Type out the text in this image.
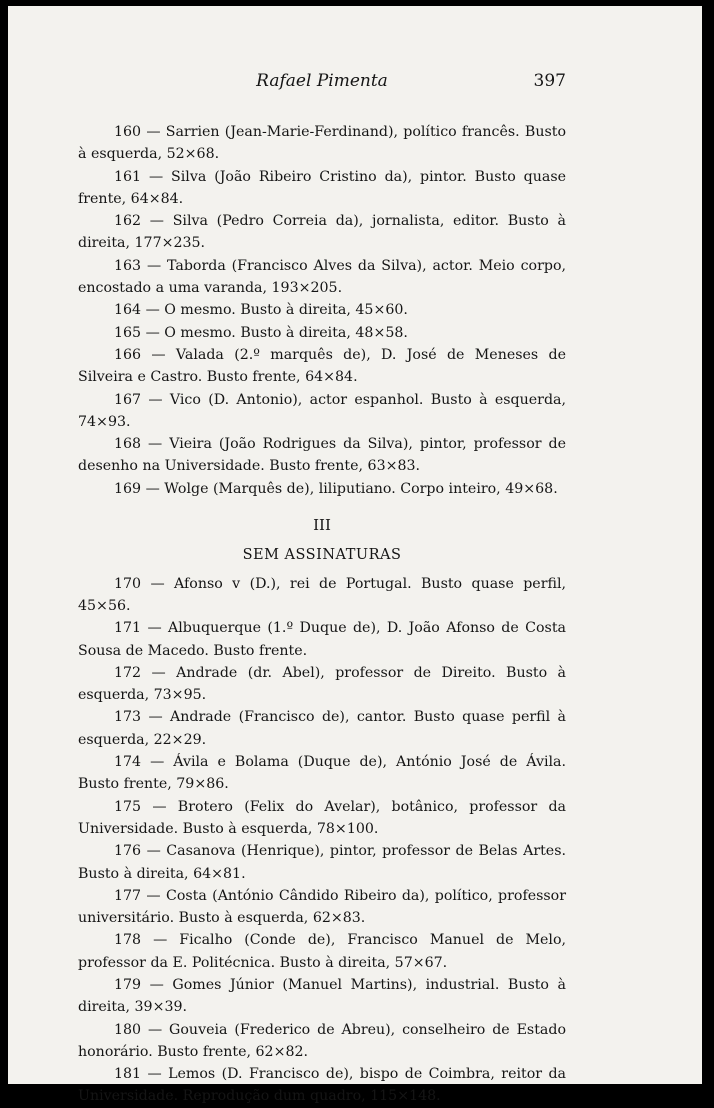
Rafael Pimenta	397

160 — Sarrien (Jean-Marie-Ferdinand), político francês. Busto à esquerda, 52×68.

161 — Silva (João Ribeiro Cristino da), pintor. Busto quase frente, 64×84.

162 — Silva (Pedro Correia da), jornalista, editor. Busto à direita, 177×235.

163 — Taborda (Francisco Alves da Silva), actor. Meio corpo, encostado a uma varanda, 193×205.

164 — O mesmo. Busto à direita, 45×60.

165 — O mesmo. Busto à direita, 48×58.

166 — Valada (2.º marquês de), D. José de Meneses de Silveira e Castro. Busto frente, 64×84.

167 — Vico (D. Antonio), actor espanhol. Busto à esquerda, 74×93.

168 — Vieira (João Rodrigues da Silva), pintor, professor de desenho na Universidade. Busto frente, 63×83.

169 — Wolge (Marquês de), liliputiano. Corpo inteiro, 49×68.

III
SEM ASSINATURAS

170 — Afonso v (D.), rei de Portugal. Busto quase perfil, 45×56.

171 — Albuquerque (1.º Duque de), D. João Afonso de Costa Sousa de Macedo. Busto frente.

172 — Andrade (dr. Abel), professor de Direito. Busto à esquerda, 73×95.

173 — Andrade (Francisco de), cantor. Busto quase perfil à esquerda, 22×29.

174 — Ávila e Bolama (Duque de), António José de Ávila. Busto frente, 79×86.

175 — Brotero (Felix do Avelar), botânico, professor da Universidade. Busto à esquerda, 78×100.

176 — Casanova (Henrique), pintor, professor de Belas Artes. Busto à direita, 64×81.

177 — Costa (António Cândido Ribeiro da), político, professor universitário. Busto à esquerda, 62×83.

178 — Ficalho (Conde de), Francisco Manuel de Melo, professor da E. Politécnica. Busto à direita, 57×67.

179 — Gomes Júnior (Manuel Martins), industrial. Busto à direita, 39×39.

180 — Gouveia (Frederico de Abreu), conselheiro de Estado honorário. Busto frente, 62×82.

181 — Lemos (D. Francisco de), bispo de Coimbra, reitor da Universidade. Reprodução dum quadro, 115×148.
